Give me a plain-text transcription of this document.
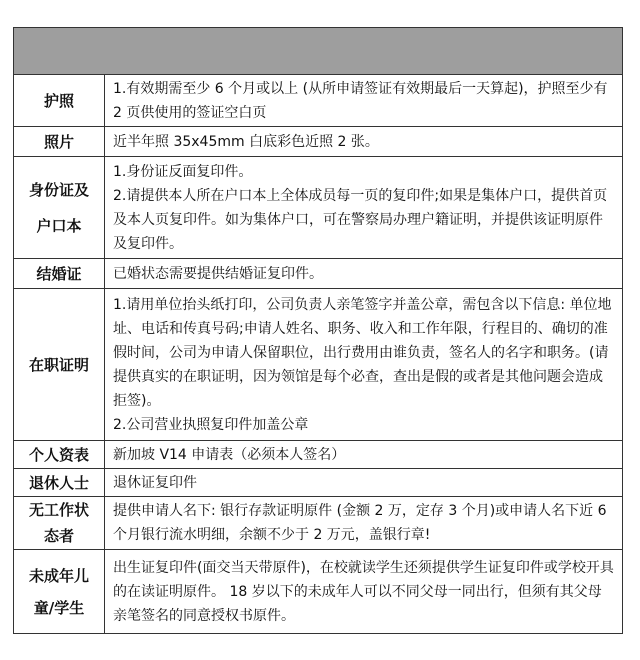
护照	1.有效期需至少 6 个月或以上 (从所申请签证有效期最后一天算起)，护照至少有 2 页供使用的签证空白页

照片	近半年照 35x45mm 白底彩色近照 2 张。

身份证及户口本	1.身份证反面复印件。

2.请提供本人所在户口本上全体成员每一页的复印件;如果是集体户口，提供首页及本人页复印件。如为集体户口，可在警察局办理户籍证明，并提供该证明原件及复印件。

结婚证	已婚状态需要提供结婚证复印件。

在职证明	1.请用单位抬头纸打印，公司负责人亲笔签字并盖公章，需包含以下信息: 单位地址、电话和传真号码;申请人姓名、职务、收入和工作年限，行程目的、确切的准假时间，公司为申请人保留职位，出行费用由谁负责，签名人的名字和职务。(请提供真实的在职证明，因为领馆是每个必查，查出是假的或者是其他问题会造成拒签)。

2.公司营业执照复印件加盖公章

个人资表	新加坡 V14 申请表（必须本人签名）

退休人士	退休证复印件

无工作状态者	提供申请人名下: 银行存款证明原件 (金额 2 万，定存 3 个月)或申请人名下近 6 个月银行流水明细，余额不少于 2 万元，盖银行章!

未成年儿童/学生	出生证复印件(面交当天带原件)，在校就读学生还须提供学生证复印件或学校开具的在读证明原件。 18 岁以下的未成年人可以不同父母一同出行，但须有其父母亲笔签名的同意授权书原件。
